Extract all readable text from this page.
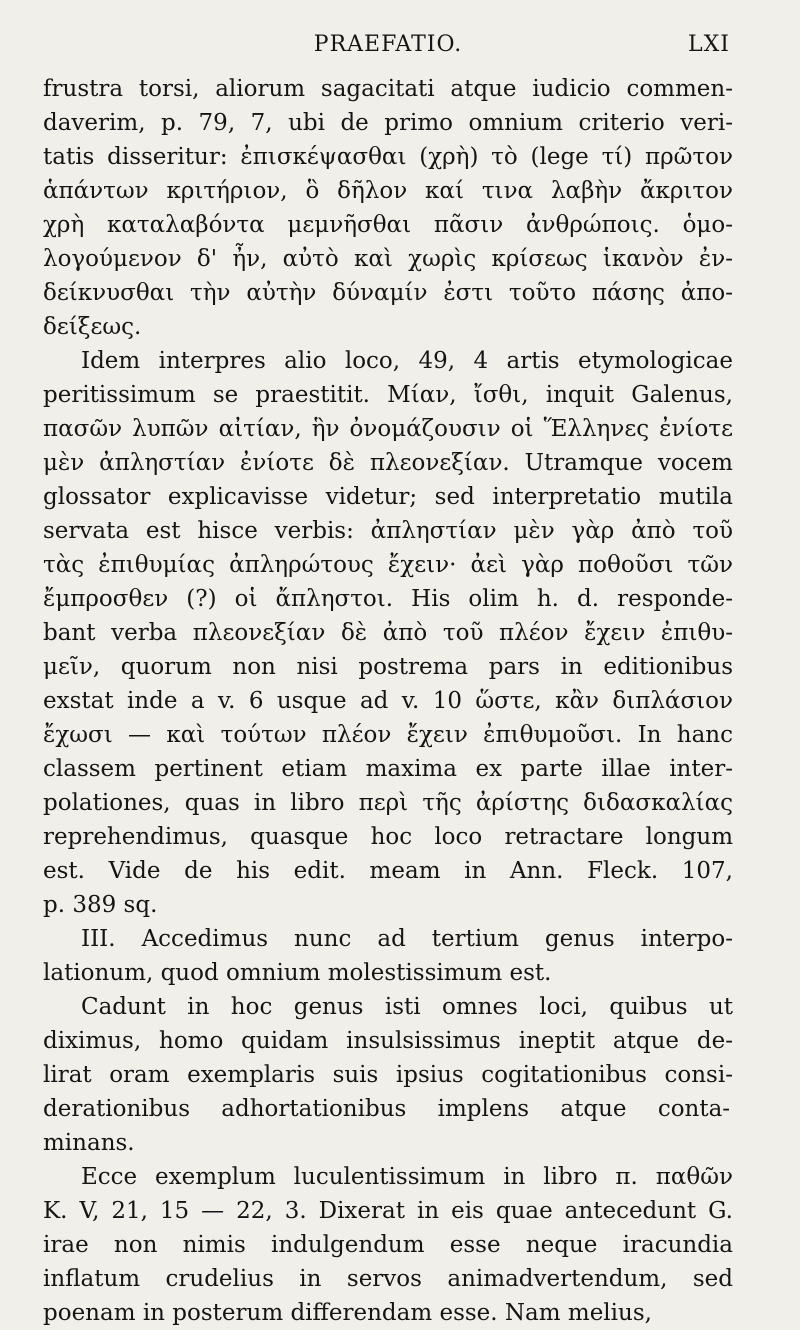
PRAEFATIO.	LXI
frustra torsi, aliorum sagacitati atque iudicio commen-
daverim, p. 79, 7, ubi de primo omnium criterio veri-
tatis disseritur: ἐπισκέψασθαι (χρὴ) τὸ (lege τί) πρῶτον
ἁπάντων κριτήριον, ὃ δῆλον καί τινα λαβὴν ἄκριτον
χρὴ καταλαβόντα μεμνῆσθαι πᾶσιν ἀνθρώποις. ὁμο-
λογούμενον δ' ἦν, αὐτὸ καὶ χωρὶς κρίσεως ἱκανὸν ἐν-
δείκνυσθαι τὴν αὐτὴν δύναμίν ἐστι τοῦτο πάσης ἀπο-
δείξεως.
Idem interpres alio loco, 49, 4 artis etymologicae
peritissimum se praestitit. Μίαν, ἴσθι, inquit Galenus,
πασῶν λυπῶν αἰτίαν, ἣν ὀνομάζουσιν οἱ Ἕλληνες ἐνίοτε
μὲν ἀπληστίαν ἐνίοτε δὲ πλεονεξίαν. Utramque vocem
glossator explicavisse videtur; sed interpretatio mutila
servata est hisce verbis: ἀπληστίαν μὲν γὰρ ἀπὸ τοῦ
τὰς ἐπιθυμίας ἀπληρώτους ἔχειν· ἀεὶ γὰρ ποθοῦσι τῶν
ἔμπροσθεν (?) οἱ ἄπληστοι. His olim h. d. responde-
bant verba πλεονεξίαν δὲ ἀπὸ τοῦ πλέον ἔχειν ἐπιθυ-
μεῖν, quorum non nisi postrema pars in editionibus
exstat inde a v. 6 usque ad v. 10 ὥστε, κἂν διπλάσιον
ἔχωσι — καὶ τούτων πλέον ἔχειν ἐπιθυμοῦσι. In hanc
classem pertinent etiam maxima ex parte illae inter-
polationes, quas in libro περὶ τῆς ἀρίστης διδασκαλίας
reprehendimus, quasque hoc loco retractare longum
est. Vide de his edit. meam in Ann. Fleck. 107,
p. 389 sq.
III. Accedimus nunc ad tertium genus interpo-
lationum, quod omnium molestissimum est.
Cadunt in hoc genus isti omnes loci, quibus ut
diximus, homo quidam insulsissimus ineptit atque de-
lirat oram exemplaris suis ipsius cogitationibus consi-
derationibus adhortationibus implens atque conta-
minans.
Ecce exemplum luculentissimum in libro π. παθῶν
K. V, 21, 15 — 22, 3. Dixerat in eis quae antecedunt G.
irae non nimis indulgendum esse neque iracundia
inflatum crudelius in servos animadvertendum, sed
poenam in posterum differendam esse. Nam melius,
